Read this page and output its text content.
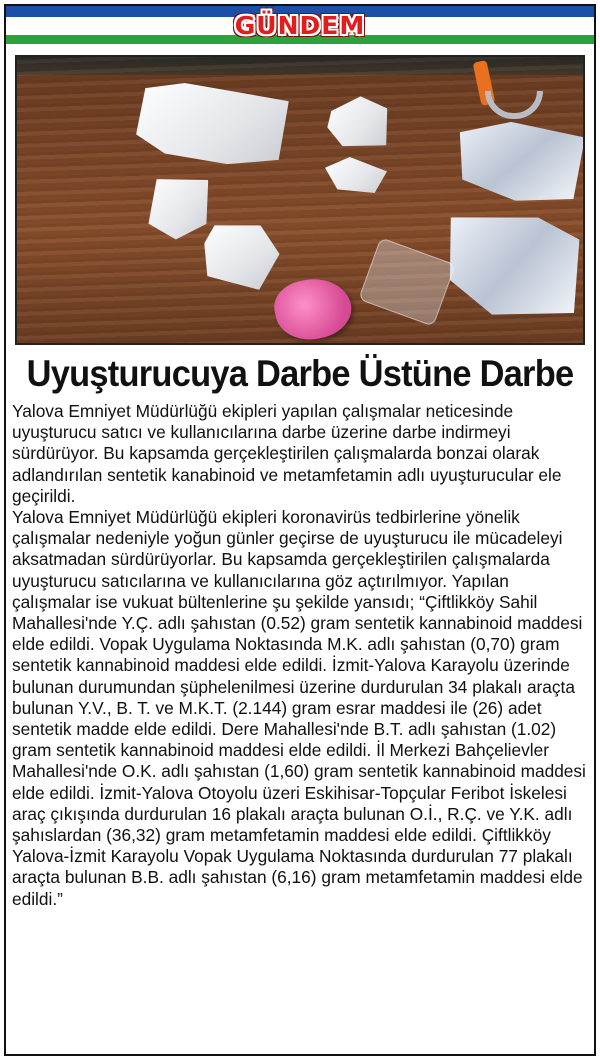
GÜNDEM
Uyuşturucuya Darbe Üstüne Darbe

Yalova Emniyet Müdürlüğü ekipleri yapılan çalışmalar neticesinde uyuşturucu satıcı ve kullanıcılarına darbe üzerine darbe indirmeyi sürdürüyor. Bu kapsamda gerçekleştirilen çalışmalarda bonzai olarak adlandırılan sentetik kanabinoid ve metamfetamin adlı uyuşturucular ele geçirildi.

Yalova Emniyet Müdürlüğü ekipleri koronavirüs tedbirlerine yönelik çalışmalar nedeniyle yoğun günler geçirse de uyuşturucu ile mücadeleyi aksatmadan sürdürüyorlar. Bu kapsamda gerçekleştirilen çalışmalarda uyuşturucu satıcılarına ve kullanıcılarına göz açtırılmıyor. Yapılan çalışmalar ise vukuat bültenlerine şu şekilde yansıdı; “Çiftlikköy Sahil Mahallesi'nde Y.Ç. adlı şahıstan (0.52) gram sentetik kannabinoid maddesi elde edildi. Vopak Uygulama Noktasında M.K. adlı şahıstan (0,70) gram sentetik kannabinoid maddesi elde edildi. İzmit-Yalova Karayolu üzerinde bulunan durumundan şüphelenilmesi üzerine durdurulan 34 plakalı araçta bulunan Y.V., B. T. ve M.K.T. (2.144) gram esrar maddesi ile (26) adet sentetik madde elde edildi. Dere Mahallesi'nde B.T. adlı şahıstan (1.02) gram sentetik kannabinoid maddesi elde edildi. İl Merkezi Bahçelievler Mahallesi'nde O.K. adlı şahıstan (1,60) gram sentetik kannabinoid maddesi elde edildi. İzmit-Yalova Otoyolu üzeri Eskihisar-Topçular Feribot İskelesi araç çıkışında durdurulan 16 plakalı araçta bulunan O.İ., R.Ç. ve Y.K. adlı şahıslardan (36,32) gram metamfetamin maddesi elde edildi. Çiftlikköy Yalova-İzmit Karayolu Vopak Uygulama Noktasında durdurulan 77 plakalı araçta bulunan B.B. adlı şahıstan (6,16) gram metamfetamin maddesi elde edildi.”
